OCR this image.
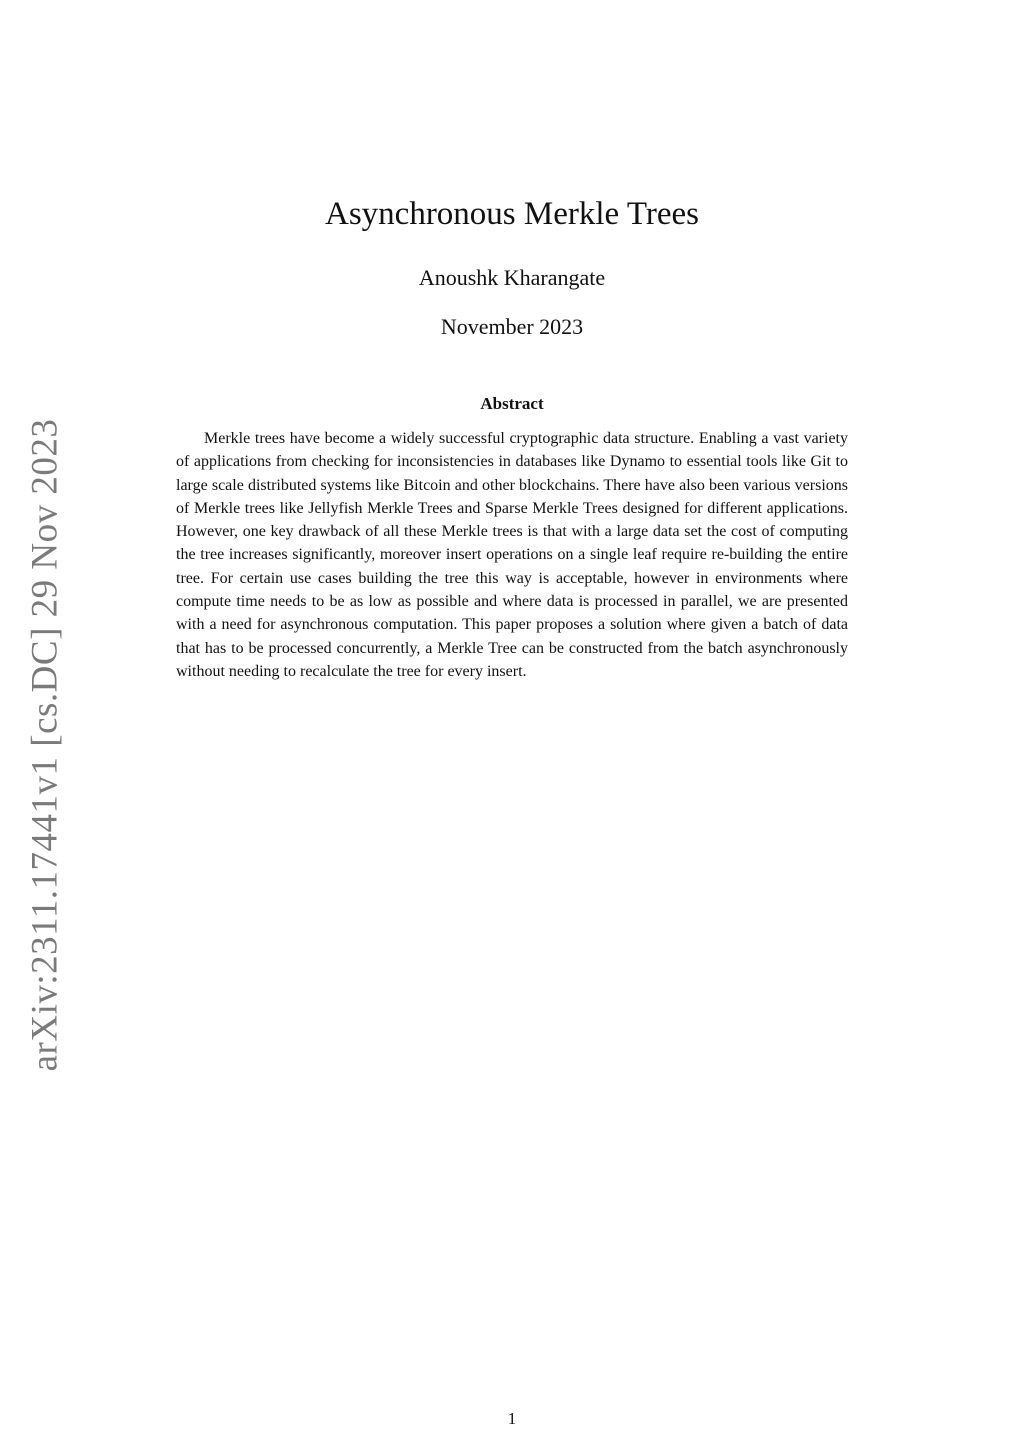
arXiv:2311.17441v1 [cs.DC] 29 Nov 2023
Asynchronous Merkle Trees
Anoushk Kharangate
November 2023
Abstract

Merkle trees have become a widely successful cryptographic data structure. Enabling a vast variety of applications from checking for inconsistencies in databases like Dynamo to essential tools like Git to large scale distributed systems like Bitcoin and other blockchains. There have also been various versions of Merkle trees like Jellyfish Merkle Trees and Sparse Merkle Trees designed for different applications. However, one key drawback of all these Merkle trees is that with a large data set the cost of computing the tree increases significantly, moreover insert operations on a single leaf require re-building the entire tree. For certain use cases building the tree this way is acceptable, however in environments where compute time needs to be as low as possible and where data is processed in parallel, we are presented with a need for asynchronous computation. This paper proposes a solution where given a batch of data that has to be processed concurrently, a Merkle Tree can be constructed from the batch asynchronously without needing to recalculate the tree for every insert.

1
